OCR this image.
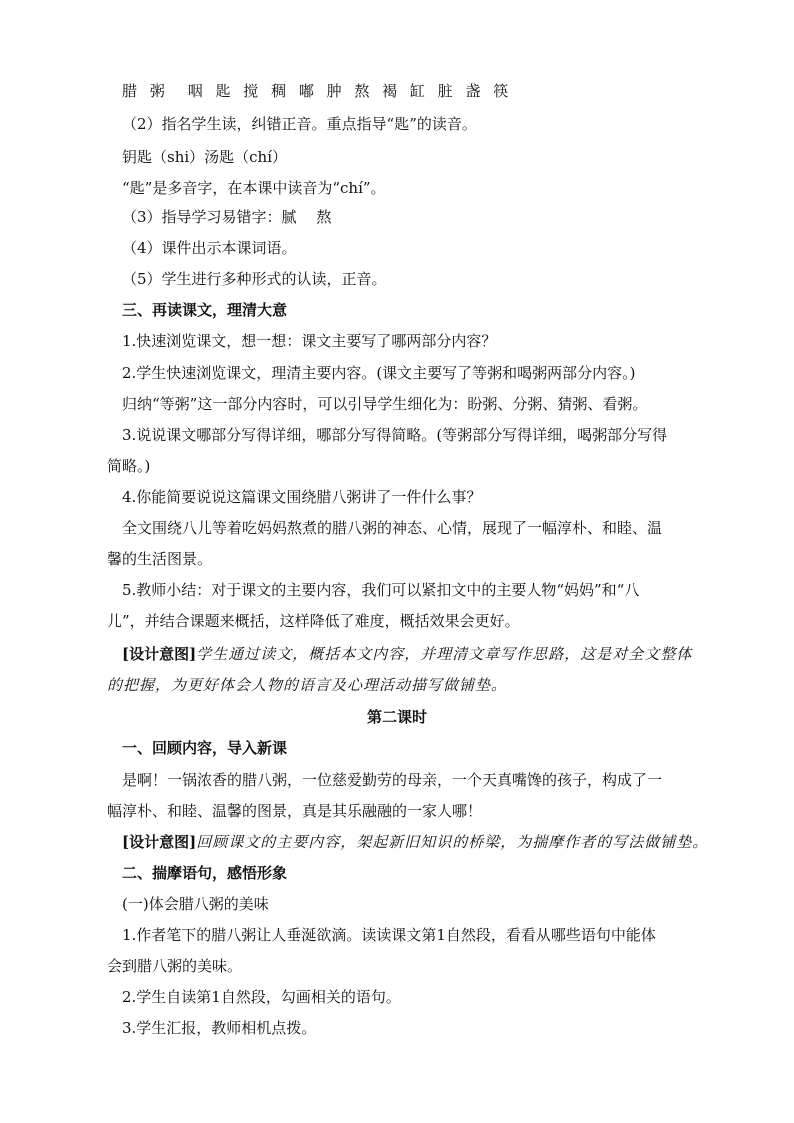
腊 粥　咽 匙 搅 稠 嘟 肿 熬 褐 缸 脏 盏 筷
（2）指名学生读，纠错正音。重点指导“匙”的读音。
钥匙（shi）汤匙（chí）
“匙”是多音字，在本课中读音为“chí”。
（3）指导学习易错字：腻　 熬
（4）课件出示本课词语。
（5）学生进行多种形式的认读，正音。
三、再读课文，理清大意
1.快速浏览课文，想一想：课文主要写了哪两部分内容？
2.学生快速浏览课文，理清主要内容。(课文主要写了等粥和喝粥两部分内容。)
归纳“等粥”这一部分内容时，可以引导学生细化为：盼粥、分粥、猜粥、看粥。
3.说说课文哪部分写得详细，哪部分写得简略。(等粥部分写得详细，喝粥部分写得
简略。)
4.你能简要说说这篇课文围绕腊八粥讲了一件什么事？
全文围绕八儿等着吃妈妈熬煮的腊八粥的神态、心情，展现了一幅淳朴、和睦、温
馨的生活图景。
5.教师小结：对于课文的主要内容，我们可以紧扣文中的主要人物“妈妈”和“八
儿”，并结合课题来概括，这样降低了难度，概括效果会更好。
[设计意图]学生通过读文，概括本文内容，并理清文章写作思路，这是对全文整体
的把握，为更好体会人物的语言及心理活动描写做铺垫。
第二课时
一、回顾内容，导入新课
是啊！一锅浓香的腊八粥，一位慈爱勤劳的母亲，一个天真嘴馋的孩子，构成了一
幅淳朴、和睦、温馨的图景，真是其乐融融的一家人哪！
[设计意图]回顾课文的主要内容，架起新旧知识的桥梁，为揣摩作者的写法做铺垫。
二、揣摩语句，感悟形象
(一)体会腊八粥的美味
1.作者笔下的腊八粥让人垂涎欲滴。读读课文第1自然段，看看从哪些语句中能体
会到腊八粥的美味。
2.学生自读第1自然段，勾画相关的语句。
3.学生汇报，教师相机点拨。
